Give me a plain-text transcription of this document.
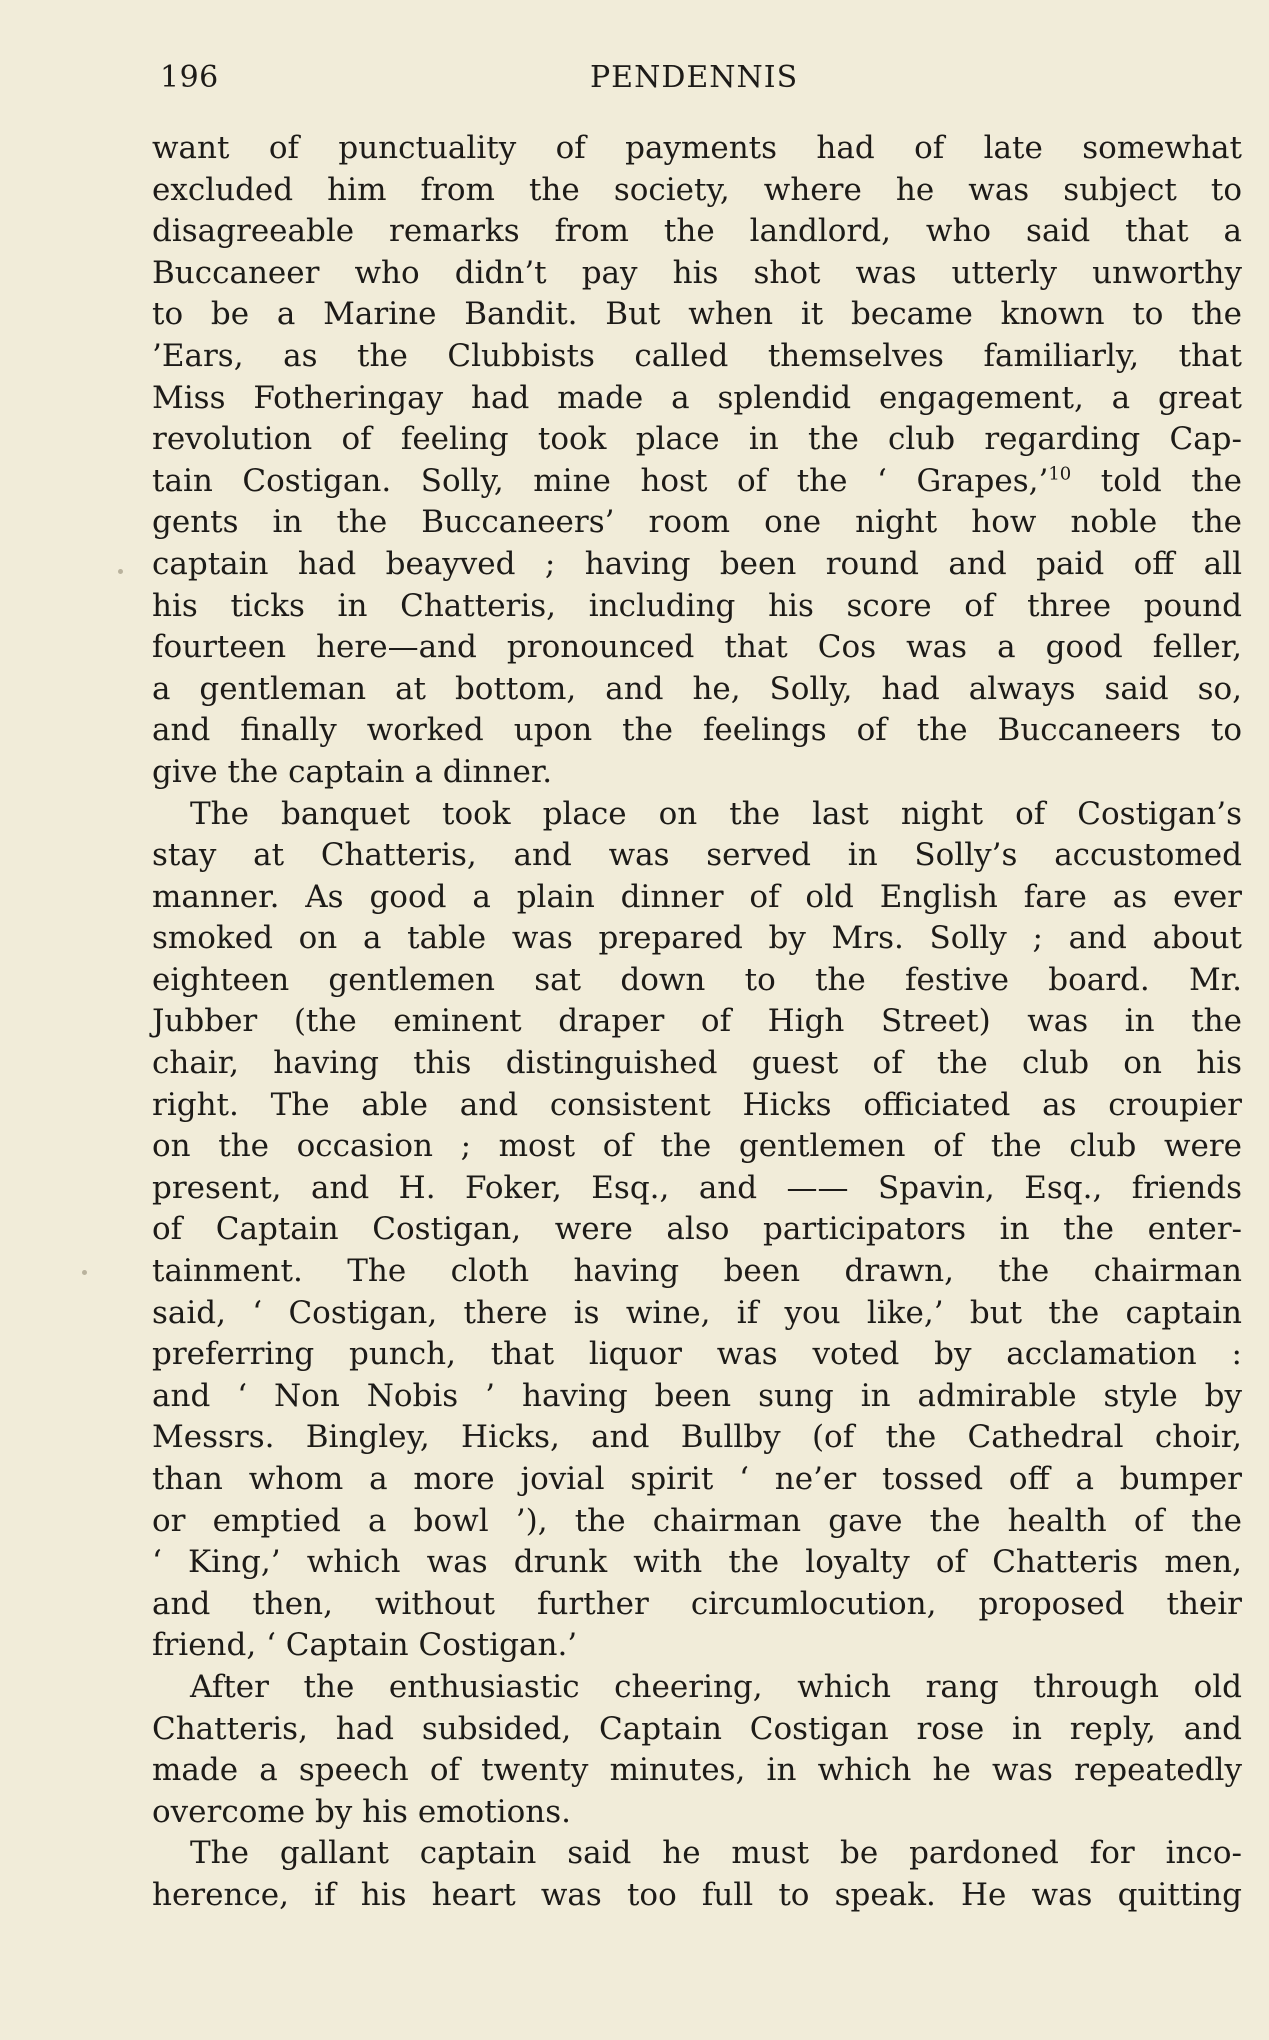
196	PENDENNIS
want of punctuality of payments had of late somewhat
excluded him from the society, where he was subject to
disagreeable remarks from the landlord, who said that a
Buccaneer who didn’t pay his shot was utterly unworthy
to be a Marine Bandit. But when it became known to the
’Ears, as the Clubbists called themselves familiarly, that
Miss Fotheringay had made a splendid engagement, a great
revolution of feeling took place in the club regarding Cap-
tain Costigan. Solly, mine host of the ‘ Grapes,’$^{10}$ told the
gents in the Buccaneers’ room one night how noble the
captain had beayved ; having been round and paid off all
his ticks in Chatteris, including his score of three pound
fourteen here—and pronounced that Cos was a good feller,
a gentleman at bottom, and he, Solly, had always said so,
and finally worked upon the feelings of the Buccaneers to
give the captain a dinner.
The banquet took place on the last night of Costigan’s
stay at Chatteris, and was served in Solly’s accustomed
manner. As good a plain dinner of old English fare as ever
smoked on a table was prepared by Mrs. Solly ; and about
eighteen gentlemen sat down to the festive board. Mr.
Jubber (the eminent draper of High Street) was in the
chair, having this distinguished guest of the club on his
right. The able and consistent Hicks officiated as croupier
on the occasion ; most of the gentlemen of the club were
present, and H. Foker, Esq., and —— Spavin, Esq., friends
of Captain Costigan, were also participators in the enter-
tainment. The cloth having been drawn, the chairman
said, ‘ Costigan, there is wine, if you like,’ but the captain
preferring punch, that liquor was voted by acclamation :
and ‘ Non Nobis ’ having been sung in admirable style by
Messrs. Bingley, Hicks, and Bullby (of the Cathedral choir,
than whom a more jovial spirit ‘ ne’er tossed off a bumper
or emptied a bowl ’), the chairman gave the health of the
‘ King,’ which was drunk with the loyalty of Chatteris men,
and then, without further circumlocution, proposed their
friend, ‘ Captain Costigan.’
After the enthusiastic cheering, which rang through old
Chatteris, had subsided, Captain Costigan rose in reply, and
made a speech of twenty minutes, in which he was repeatedly
overcome by his emotions.
The gallant captain said he must be pardoned for inco-
herence, if his heart was too full to speak. He was quitting
